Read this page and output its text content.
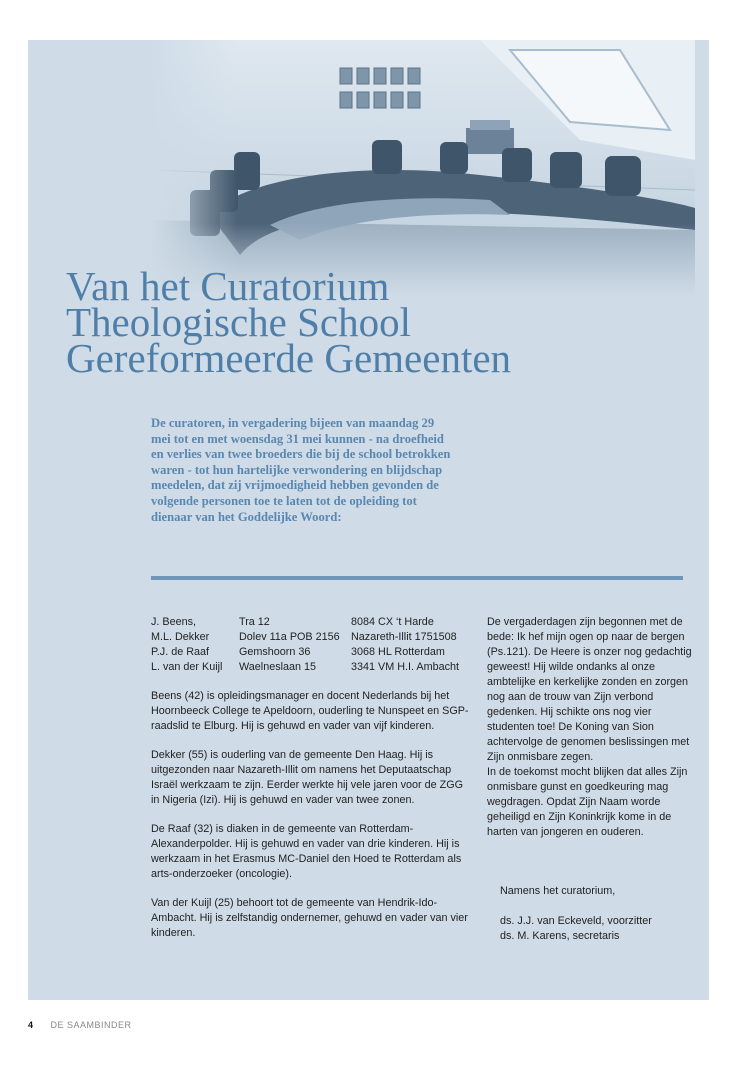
Van het Curatorium
Theologische School
Gereformeerde Gemeenten

De curatoren, in vergadering bijeen van maandag 29 mei tot en met woensdag 31 mei kunnen - na droefheid en verlies van twee broeders die bij de school betrokken waren - tot hun hartelijke verwondering en blijdschap meedelen, dat zij vrijmoedigheid hebben gevonden de volgende personen toe te laten tot de opleiding tot dienaar van het Goddelijke Woord:

J. Beens,	Tra 12	8084 CX ‘t Harde
M.L. Dekker	Dolev 11a POB 2156	Nazareth-Illit 1751508
P.J. de Raaf	Gemshoorn 36	3068 HL Rotterdam
L. van der Kuijl	Waelneslaan 15	3341 VM H.I. Ambacht

Beens (42) is opleidingsmanager en docent Nederlands bij het Hoornbeeck College te Apeldoorn, ouderling te Nunspeet en SGP-raadslid te Elburg. Hij is gehuwd en vader van vijf kinderen.

Dekker (55) is ouderling van de gemeente Den Haag. Hij is uitgezonden naar Nazareth-Illit om namens het Deputaatschap Israël werkzaam te zijn. Eerder werkte hij vele jaren voor de ZGG in Nigeria (Izi). Hij is gehuwd en vader van twee zonen.

De Raaf (32) is diaken in de gemeente van Rotterdam-Alexanderpolder. Hij is gehuwd en vader van drie kinderen. Hij is werkzaam in het Erasmus MC-Daniel den Hoed te Rotterdam als arts-onderzoeker (oncologie).

Van der Kuijl (25) behoort tot de gemeente van Hendrik-Ido-Ambacht. Hij is zelfstandig ondernemer, gehuwd en vader van vier kinderen.

De vergaderdagen zijn begonnen met de bede: Ik hef mijn ogen op naar de bergen (Ps.121). De Heere is onzer nog gedachtig geweest! Hij wilde ondanks al onze ambtelijke en kerkelijke zonden en zorgen nog aan de trouw van Zijn verbond gedenken. Hij schikte ons nog vier studenten toe! De Koning van Sion achtervolge de genomen beslissingen met Zijn onmisbare zegen.

In de toekomst mocht blijken dat alles Zijn onmisbare gunst en goedkeuring mag wegdragen. Opdat Zijn Naam worde geheiligd en Zijn Koninkrijk kome in de harten van jongeren en ouderen.

Namens het curatorium,
ds. J.J. van Eckeveld, voorzitter
ds. M. Karens, secretaris
4 DE SAAMBINDER
